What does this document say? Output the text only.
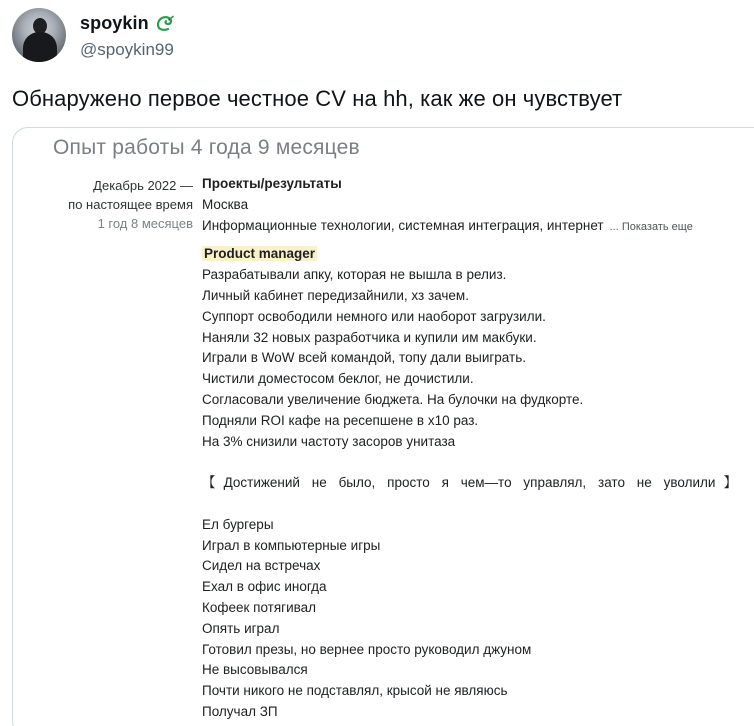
spoykin
@spoykin99
Обнаружено первое честное CV на hh, как же он чувствует
Опыт работы 4 года 9 месяцев
Декабрь 2022 —
по настоящее время
1 год 8 месяцев
Проекты/результаты
Москва
Информационные технологии, системная интеграция, интернет ... Показать еще
Product manager
Разрабатывали апку, которая не вышла в релиз.
Личный кабинет передизайнили, хз зачем.
Суппорт освободили немного или наоборот загрузили.
Наняли 32 новых разработчика и купили им макбуки.
Играли в WoW всей командой, топу дали выиграть.
Чистили доместосом беклог, не дочистили.
Согласовали увеличение бюджета. На булочки на фудкорте.
Подняли ROI кафе на ресепшене в x10 раз.
На 3% снизили частоту засоров унитаза
【Достижений не было, просто я чем—то управлял, зато не уволили】
Ел бургеры
Играл в компьютерные игры
Сидел на встречах
Ехал в офис иногда
Кофеек потягивал
Опять играл
Готовил презы, но вернее просто руководил джуном
Не высовывался
Почти никого не подставлял, крысой не являюсь
Получал ЗП
